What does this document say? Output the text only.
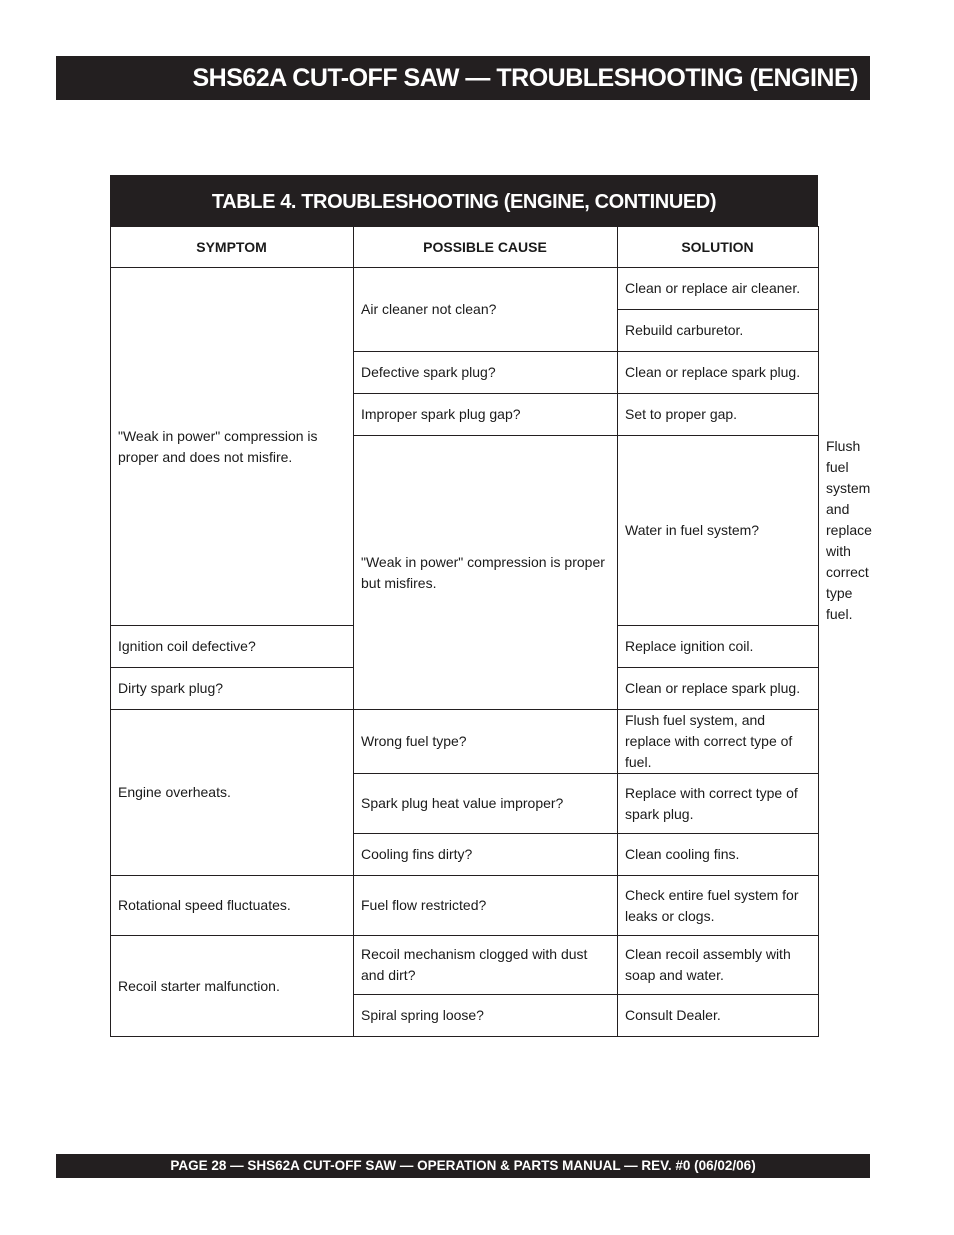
SHS62A CUT-OFF SAW — TROUBLESHOOTING (ENGINE)
TABLE 4. TROUBLESHOOTING (ENGINE, CONTINUED)
SYMPTOM	POSSIBLE CAUSE	SOLUTION	
"Weak in power" compression is proper and does not misfire.	Air cleaner not clean?	Clean or replace air cleaner.	
		Rebuild carburetor.	
	Defective spark plug?	Clean or replace spark plug.	
	Improper spark plug gap?	Set to proper gap.	
	"Weak in power" compression is proper but misfires.	Water in fuel system?	Flush fuel system and replace with correct type fuel.
Ignition coil defective?		Replace ignition coil.	
Dirty spark plug?		Clean or replace spark plug.	
Engine overheats.	Wrong fuel type?	Flush fuel system, and replace with correct type of fuel.	
	Spark plug heat value improper?	Replace with correct type of spark plug.	
	Cooling fins dirty?	Clean cooling fins.	
Rotational speed fluctuates.	Fuel flow restricted?	Check entire fuel system for leaks or clogs.	
Recoil starter malfunction.	Recoil mechanism clogged with dust and dirt?	Clean recoil assembly with soap and water.	
	Spiral spring loose?	Consult Dealer.	
PAGE 28 — SHS62A CUT-OFF SAW — OPERATION & PARTS MANUAL — REV. #0 (06/02/06)
